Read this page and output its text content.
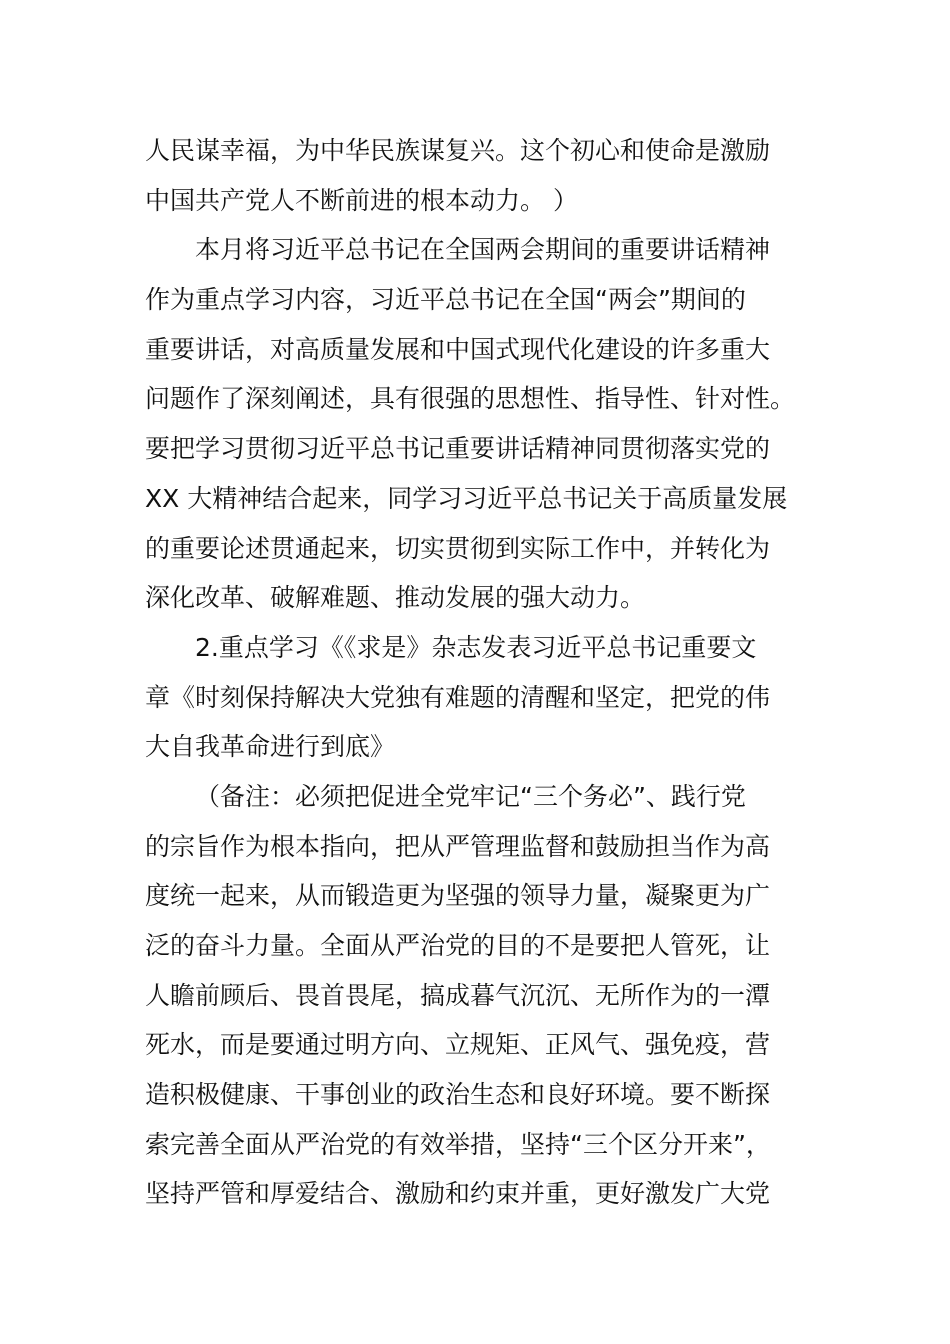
人民谋幸福，为中华民族谋复兴。这个初心和使命是激励
中国共产党人不断前进的根本动力。 ）
本月将习近平总书记在全国两会期间的重要讲话精神
作为重点学习内容，习近平总书记在全国“两会”期间的
重要讲话，对高质量发展和中国式现代化建设的许多重大
问题作了深刻阐述，具有很强的思想性、指导性、针对性。
要把学习贯彻习近平总书记重要讲话精神同贯彻落实党的
XX 大精神结合起来，同学习习近平总书记关于高质量发展
的重要论述贯通起来，切实贯彻到实际工作中，并转化为
深化改革、破解难题、推动发展的强大动力。
2.重点学习《《求是》杂志发表习近平总书记重要文
章《时刻保持解决大党独有难题的清醒和坚定，把党的伟
大自我革命进行到底》
（备注：必须把促进全党牢记“三个务必”、践行党
的宗旨作为根本指向，把从严管理监督和鼓励担当作为高
度统一起来，从而锻造更为坚强的领导力量，凝聚更为广
泛的奋斗力量。全面从严治党的目的不是要把人管死，让
人瞻前顾后、畏首畏尾，搞成暮气沉沉、无所作为的一潭
死水，而是要通过明方向、立规矩、正风气、强免疫，营
造积极健康、干事创业的政治生态和良好环境。要不断探
索完善全面从严治党的有效举措，坚持“三个区分开来”，
坚持严管和厚爱结合、激励和约束并重，更好激发广大党
